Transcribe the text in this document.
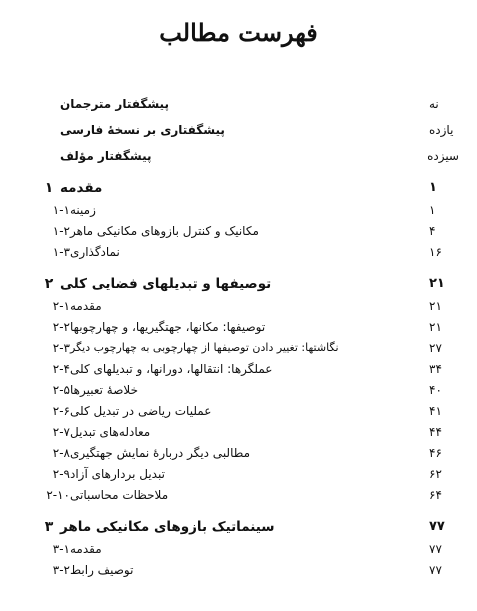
فهرست مطالب
پیشگفتار مترجمان	نه
پیشگفتاری بر نسخهٔ فارسی	یازده
پیشگفتار مؤلف	سیزده
۱ مقدمه	۱
۱-۱ زمینه	۱
۱-۲ مکانیک و کنترل بازوهای مکانیکی ماهر	۴
۱-۳ نمادگذاری	۱۶
۲ توصیفها و تبدیلهای فضایی کلی	۲۱
۲-۱ مقدمه	۲۱
۲-۲ توصیفها: مکانها، جهتگیریها، و چهارچوبها	۲۱
۲-۳ نگاشتها: تغییر دادن توصیفها از چهارچوبی به چهارچوب دیگر	۲۷
۲-۴ عملگرها: انتقالها، دورانها، و تبدیلهای کلی	۳۴
۲-۵ خلاصهٔ تعبیرها	۴۰
۲-۶ عملیات ریاضی در تبدیل کلی	۴۱
۲-۷ معادله‌های تبدیل	۴۴
۲-۸ مطالبی دیگر دربارهٔ نمایش جهتگیری	۴۶
۲-۹ تبدیل بردارهای آزاد	۶۲
۲-۱۰ ملاحظات محاسباتی	۶۴
۳ سینماتیک بازوهای مکانیکی ماهر	۷۷
۳-۱ مقدمه	۷۷
۳-۲ توصیف رابط	۷۷
